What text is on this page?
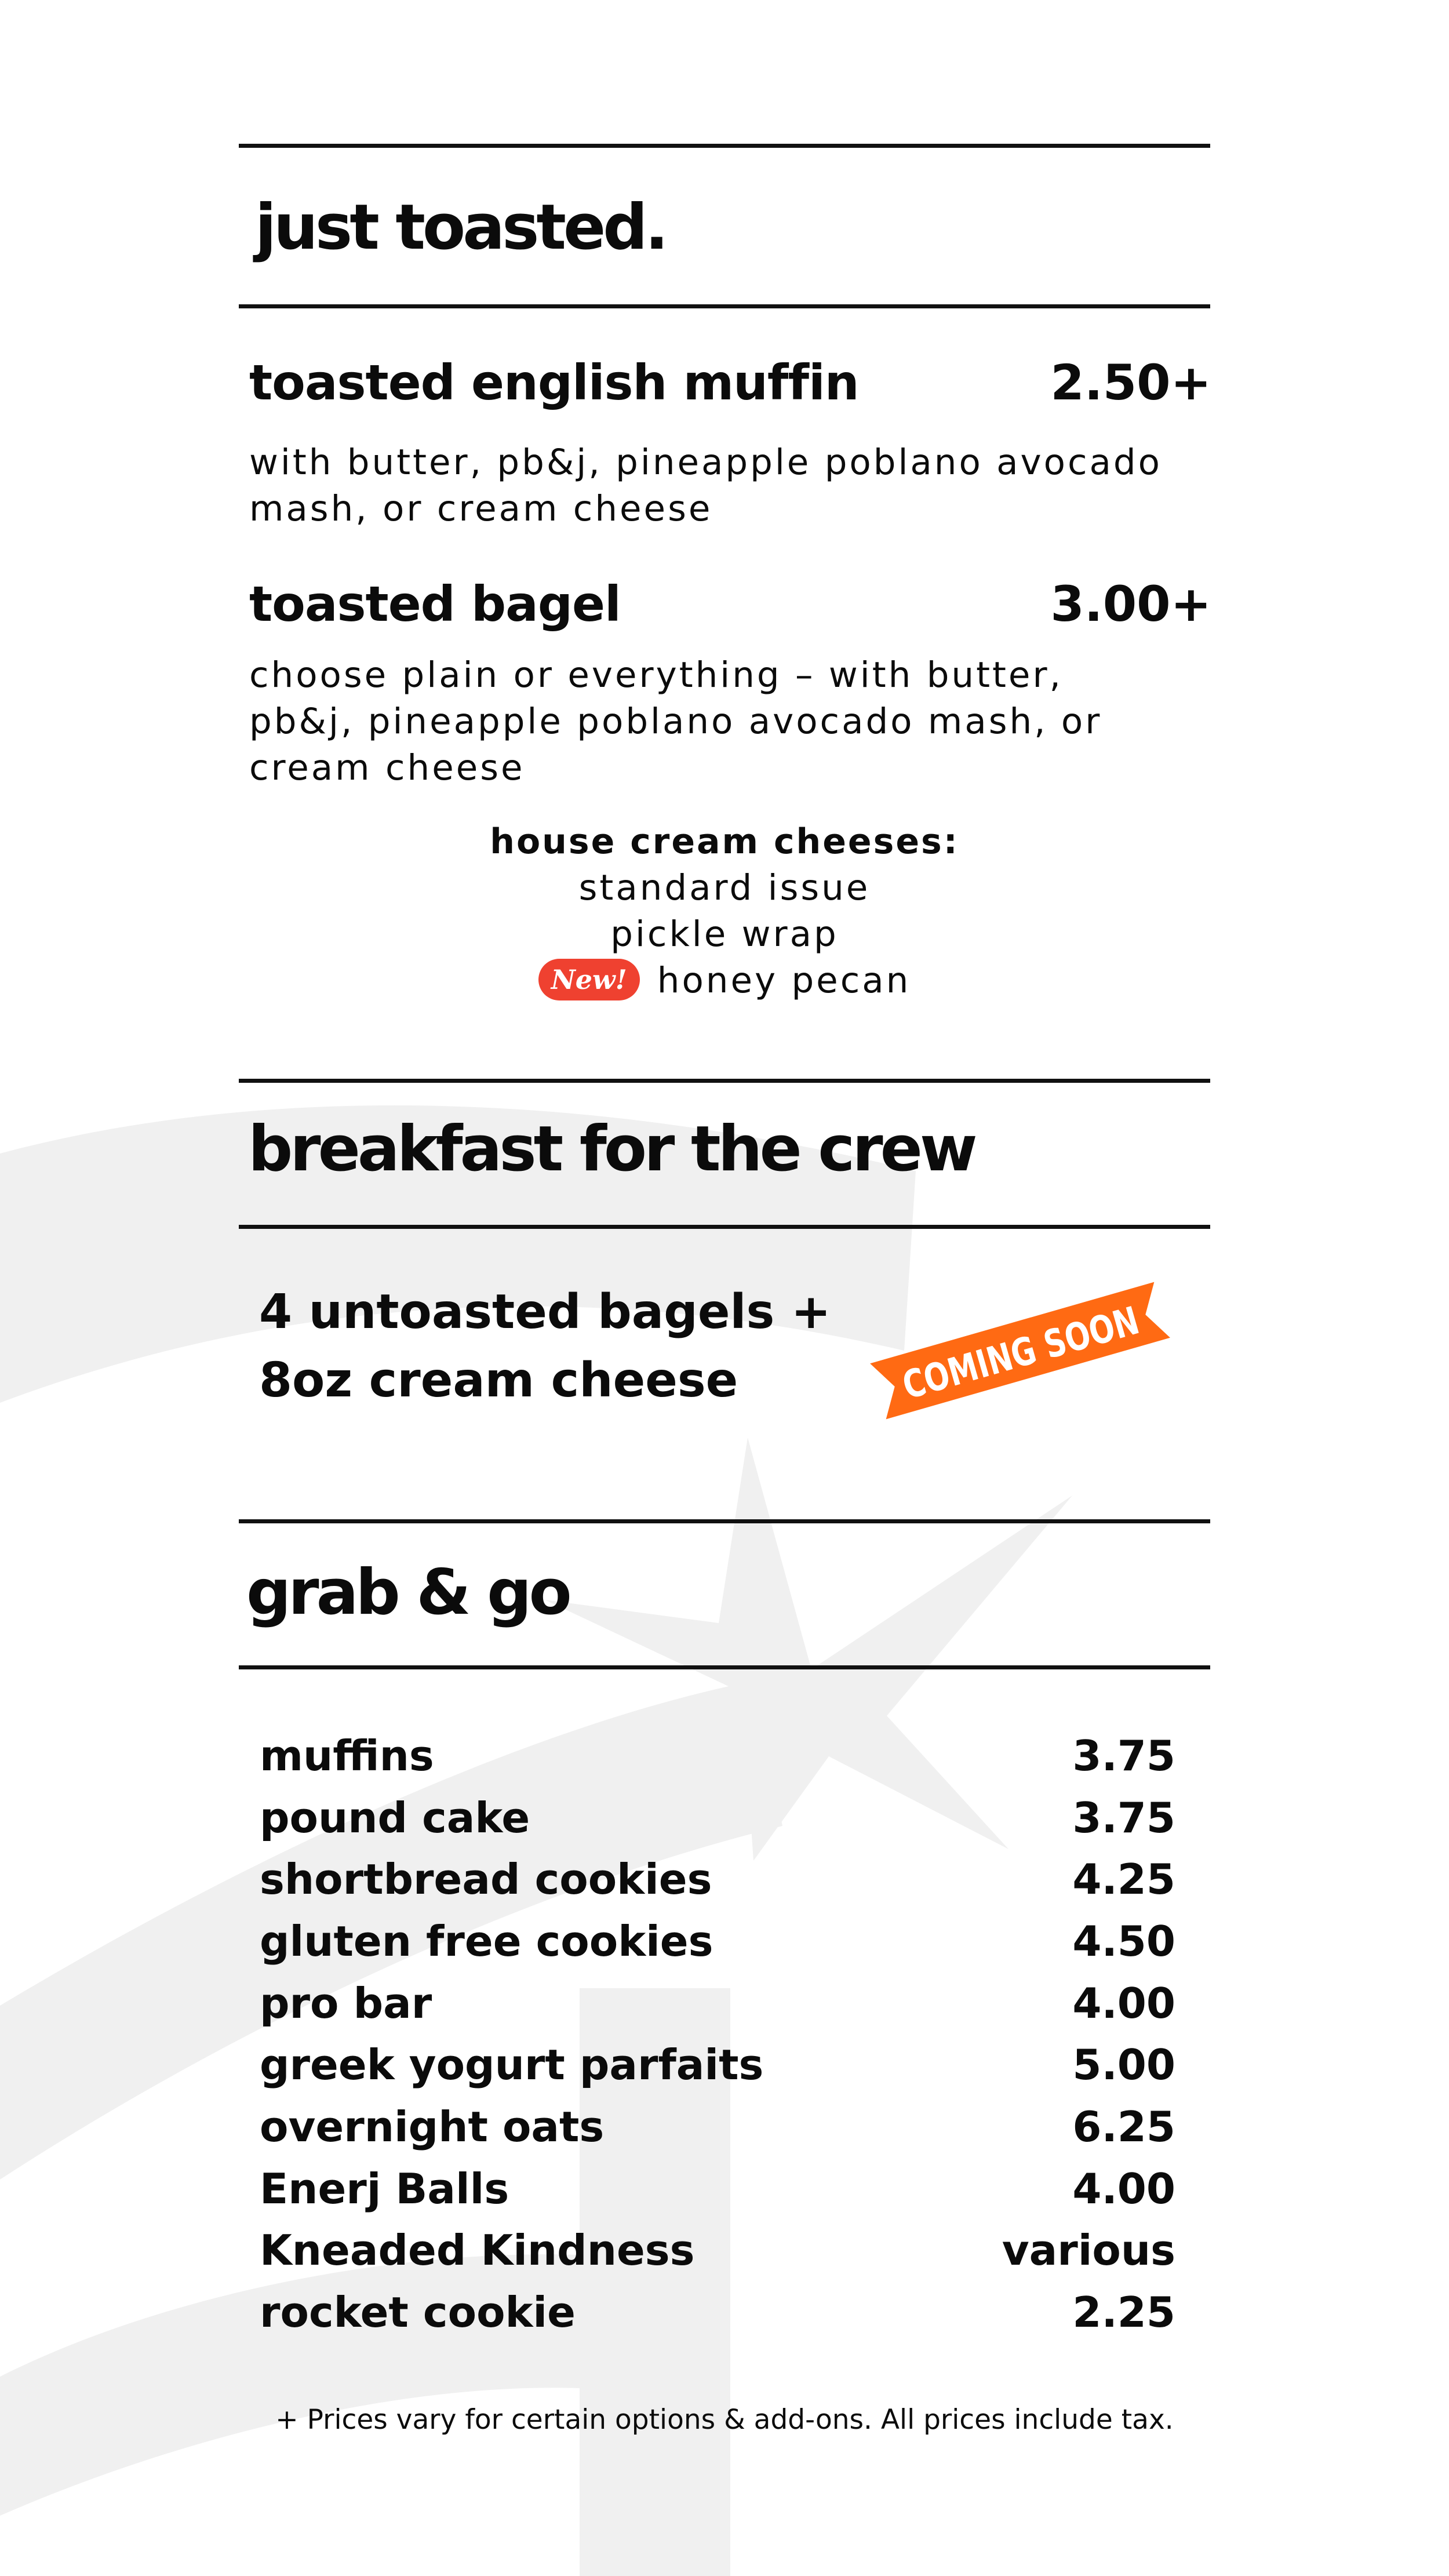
just toasted.
toasted english muffin	2.50+
with butter, pb&j, pineapple poblano avocado mash, or cream cheese
toasted bagel	3.00+
choose plain or everything – with butter, pb&j, pineapple poblano avocado mash, or cream cheese
house cream cheeses:
standard issue
pickle wrap
New! honey pecan
breakfast for the crew
4 untoasted bagels +
8oz cream cheese	COMING SOON
grab & go
muffins	3.75
pound cake	3.75
shortbread cookies	4.25
gluten free cookies	4.50
pro bar	4.00
greek yogurt parfaits	5.00
overnight oats	6.25
Enerj Balls	4.00
Kneaded Kindness	various
rocket cookie	2.25
+ Prices vary for certain options & add-ons. All prices include tax.
